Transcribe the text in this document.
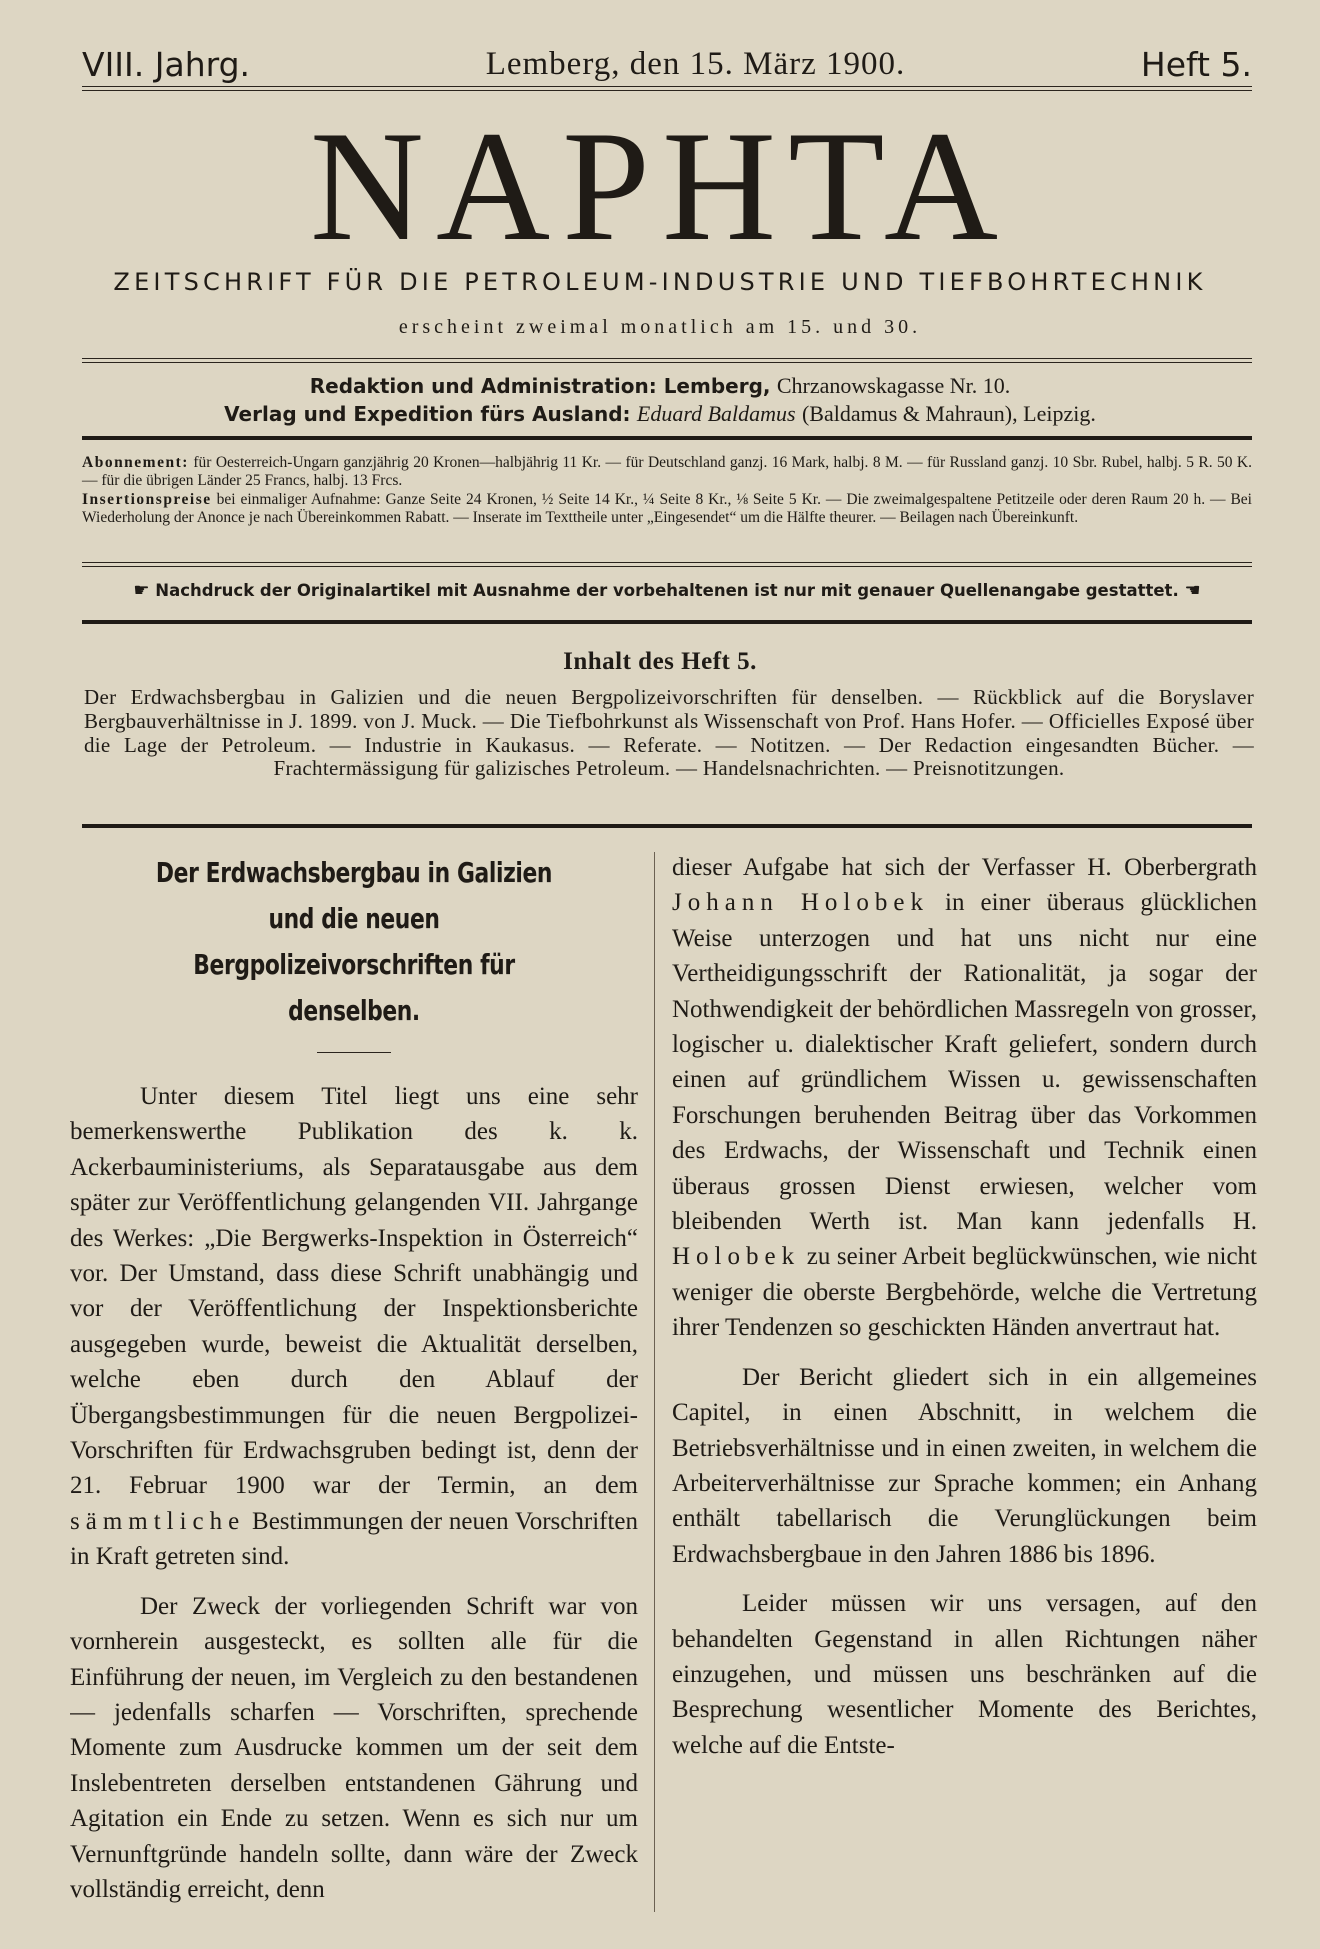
VIII. Jahrg.	Lemberg, den 15. März 1900.	Heft 5.
NAPHTA
ZEITSCHRIFT FÜR DIE PETROLEUM-INDUSTRIE UND TIEFBOHRTECHNIK
erscheint zweimal monatlich am 15. und 30.
Redaktion und Administration: Lemberg, Chrzanowskagasse Nr. 10.
Verlag und Expedition fürs Ausland: Eduard Baldamus (Baldamus & Mahraun), Leipzig.
Abonnement: für Oesterreich-Ungarn ganzjährig 20 Kronen—halbjährig 11 Kr. — für Deutschland ganzj. 16 Mark, halbj. 8 M. — für Russland ganzj. 10 Sbr. Rubel, halbj. 5 R. 50 K. — für die übrigen Länder 25 Francs, halbj. 13 Frcs.
Insertionspreise bei einmaliger Aufnahme: Ganze Seite 24 Kronen, ½ Seite 14 Kr., ¼ Seite 8 Kr., ⅛ Seite 5 Kr. — Die zweimalgespaltene Petitzeile oder deren Raum 20 h. — Bei Wiederholung der Anonce je nach Übereinkommen Rabatt. — Inserate im Texttheile unter „Eingesendet“ um die Hälfte theurer. — Beilagen nach Übereinkunft.
☛ Nachdruck der Originalartikel mit Ausnahme der vorbehaltenen ist nur mit genauer Quellenangabe gestattet. ☚
Inhalt des Heft 5.
Der Erdwachsbergbau in Galizien und die neuen Bergpolizeivorschriften für denselben. — Rückblick auf die Boryslaver Bergbauverhältnisse in J. 1899. von J. Muck. — Die Tiefbohrkunst als Wissenschaft von Prof. Hans Hofer. — Officielles Exposé über die Lage der Petroleum. — Industrie in Kaukasus. — Referate. — Notitzen. — Der Redaction eingesandten Bücher. — Frachtermässigung für galizisches Petroleum. — Handelsnachrichten. — Preisnotitzungen.
Der Erdwachsbergbau in Galizien und die neuen
Bergpolizeivorschriften für denselben.

Unter diesem Titel liegt uns eine sehr bemerkenswerthe Publikation des k. k. Ackerbauministeriums, als Separatausgabe aus dem später zur Veröffentlichung gelangenden VII. Jahrgange des Werkes: „Die Bergwerks-Inspektion in Österreich“ vor. Der Umstand, dass diese Schrift unabhängig und vor der Veröffentlichung der Inspektionsberichte ausgegeben wurde, beweist die Aktualität derselben, welche eben durch den Ablauf der Übergangsbestimmungen für die neuen Bergpolizei-Vorschriften für Erdwachsgruben bedingt ist, denn der 21. Februar 1900 war der Termin, an dem sämmtliche Bestimmungen der neuen Vorschriften in Kraft getreten sind.

Der Zweck der vorliegenden Schrift war von vornherein ausgesteckt, es sollten alle für die Einführung der neuen, im Vergleich zu den bestandenen — jedenfalls scharfen — Vorschriften, sprechende Momente zum Ausdrucke kommen um der seit dem Inslebentreten derselben entstandenen Gährung und Agitation ein Ende zu setzen. Wenn es sich nur um Vernunftgründe handeln sollte, dann wäre der Zweck vollständig erreicht, denn

dieser Aufgabe hat sich der Verfasser H. Oberbergrath Johann Holobek in einer überaus glücklichen Weise unterzogen und hat uns nicht nur eine Vertheidigungsschrift der Rationalität, ja sogar der Nothwendigkeit der behördlichen Massregeln von grosser, logischer u. dialektischer Kraft geliefert, sondern durch einen auf gründlichem Wissen u. gewissenschaften Forschungen beruhenden Beitrag über das Vorkommen des Erdwachs, der Wissenschaft und Technik einen überaus grossen Dienst erwiesen, welcher vom bleibenden Werth ist. Man kann jedenfalls H. Holobek zu seiner Arbeit beglückwünschen, wie nicht weniger die oberste Bergbehörde, welche die Vertretung ihrer Tendenzen so geschickten Händen anvertraut hat.

Der Bericht gliedert sich in ein allgemeines Capitel, in einen Abschnitt, in welchem die Betriebsverhältnisse und in einen zweiten, in welchem die Arbeiterverhältnisse zur Sprache kommen; ein Anhang enthält tabellarisch die Verunglückungen beim Erdwachsbergbaue in den Jahren 1886 bis 1896.

Leider müssen wir uns versagen, auf den behandelten Gegenstand in allen Richtungen näher einzugehen, und müssen uns beschränken auf die Besprechung wesentlicher Momente des Berichtes, welche auf die Entste-
